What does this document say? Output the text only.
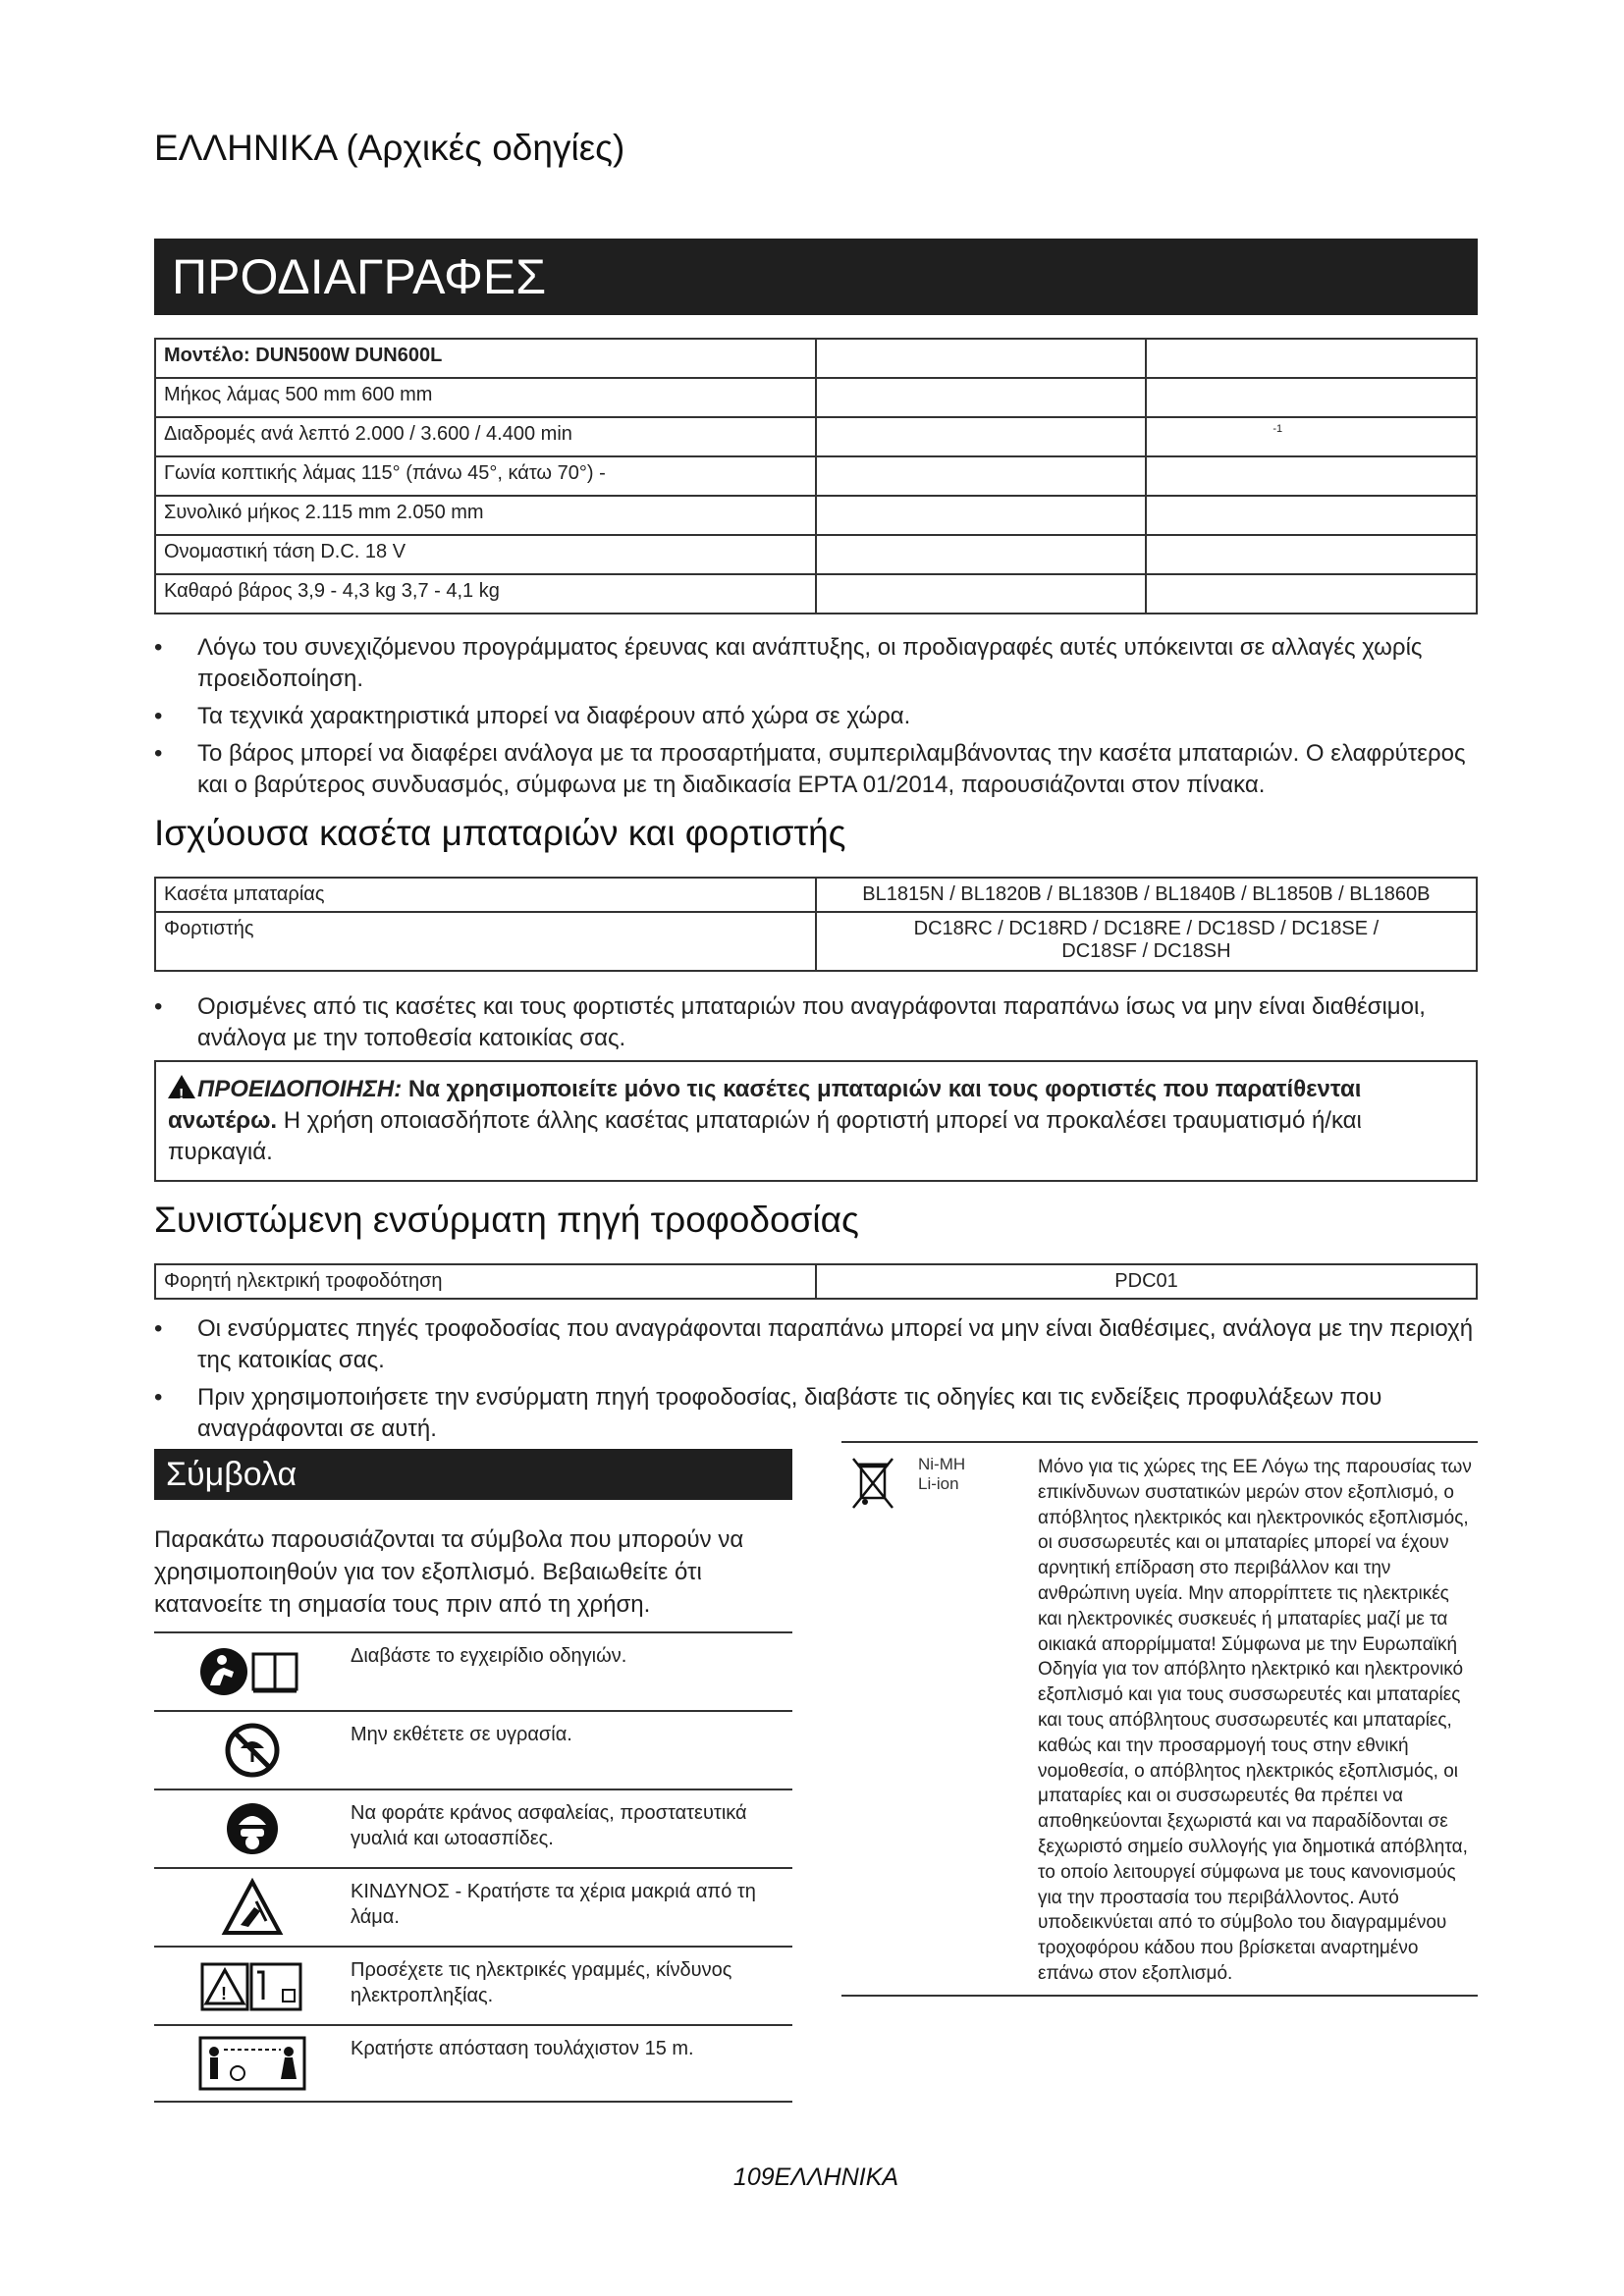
ΕΛΛΗΝΙΚΑ (Αρχικές οδηγίες)
ΠΡΟΔΙΑΓΡΑΦΕΣ
Μοντέλο: DUN500W DUN600L		
Μήκος λάμας 500 mm 600 mm		
Διαδρομές ανά λεπτό 2.000 / 3.600 / 4.400 min		-1
Γωνία κοπτικής λάμας 115° (πάνω 45°, κάτω 70°) -		
Συνολικό μήκος 2.115 mm 2.050 mm		
Ονομαστική τάση D.C. 18 V		
Καθαρό βάρος 3,9 - 4,3 kg 3,7 - 4,1 kg		
• Λόγω του συνεχιζόμενου προγράμματος έρευνας και ανάπτυξης, οι προδιαγραφές αυτές υπόκεινται σε αλλαγές χωρίς προειδοποίηση.
• Τα τεχνικά χαρακτηριστικά μπορεί να διαφέρουν από χώρα σε χώρα.
• Το βάρος μπορεί να διαφέρει ανάλογα με τα προσαρτήματα, συμπεριλαμβάνοντας την κασέτα μπαταριών. Ο ελαφρύτερος και ο βαρύτερος συνδυασμός, σύμφωνα με τη διαδικασία EPTA 01/2014, παρουσιάζονται στον πίνακα.
Ισχύουσα κασέτα μπαταριών και φορτιστής
Κασέτα μπαταρίας	BL1815N / BL1820B / BL1830B / BL1840B / BL1850B / BL1860B
Φορτιστής	DC18RC / DC18RD / DC18RE / DC18SD / DC18SE / DC18SF / DC18SH
• Ορισμένες από τις κασέτες και τους φορτιστές μπαταριών που αναγράφονται παραπάνω ίσως να μην είναι διαθέσιμοι, ανάλογα με την τοποθεσία κατοικίας σας.
! ΠΡΟΕΙΔΟΠΟΙΗΣΗ: Να χρησιμοποιείτε μόνο τις κασέτες μπαταριών και τους φορτιστές που παρατίθενται ανωτέρω. Η χρήση οποιασδήποτε άλλης κασέτας μπαταριών ή φορτιστή μπορεί να προκαλέσει τραυματισμό ή/και πυρκαγιά.
Συνιστώμενη ενσύρματη πηγή τροφοδοσίας
Φορητή ηλεκτρική τροφοδότηση	PDC01
• Οι ενσύρματες πηγές τροφοδοσίας που αναγράφονται παραπάνω μπορεί να μην είναι διαθέσιμες, ανάλογα με την περιοχή της κατοικίας σας.
• Πριν χρησιμοποιήσετε την ενσύρματη πηγή τροφοδοσίας, διαβάστε τις οδηγίες και τις ενδείξεις προφυλάξεων που αναγράφονται σε αυτή.
Σύμβολα
Παρακάτω παρουσιάζονται τα σύμβολα που μπορούν να χρησιμοποιηθούν για τον εξοπλισμό. Βεβαιωθείτε ότι κατανοείτε τη σημασία τους πριν από τη χρήση.
Διαβάστε το εγχειρίδιο οδηγιών.
Μην εκθέτετε σε υγρασία.
Να φοράτε κράνος ασφαλείας, προστατευτικά γυαλιά και ωτοασπίδες.
ΚΙΝΔΥΝΟΣ - Κρατήστε τα χέρια μακριά από τη λάμα.
!
Προσέχετε τις ηλεκτρικές γραμμές, κίνδυνος ηλεκτροπληξίας.
Κρατήστε απόσταση τουλάχιστον 15 m.
Ni-MH
Li-ion
Μόνο για τις χώρες της ΕΕ Λόγω της παρουσίας των επικίνδυνων συστατικών μερών στον εξοπλισμό, ο απόβλητος ηλεκτρικός και ηλεκτρονικός εξοπλισμός, οι συσσωρευτές και οι μπαταρίες μπορεί να έχουν αρνητική επίδραση στο περιβάλλον και την ανθρώπινη υγεία. Μην απορρίπτετε τις ηλεκτρικές και ηλεκτρονικές συσκευές ή μπαταρίες μαζί με τα οικιακά απορρίμματα! Σύμφωνα με την Ευρωπαϊκή Οδηγία για τον απόβλητο ηλεκτρικό και ηλεκτρονικό εξοπλισμό και για τους συσσωρευτές και μπαταρίες και τους απόβλητους συσσωρευτές και μπαταρίες, καθώς και την προσαρμογή τους στην εθνική νομοθεσία, ο απόβλητος ηλεκτρικός εξοπλισμός, οι μπαταρίες και οι συσσωρευτές θα πρέπει να αποθηκεύονται ξεχωριστά και να παραδίδονται σε ξεχωριστό σημείο συλλογής για δημοτικά απόβλητα, το οποίο λειτουργεί σύμφωνα με τους κανονισμούς για την προστασία του περιβάλλοντος. Αυτό υποδεικνύεται από το σύμβολο του διαγραμμένου τροχοφόρου κάδου που βρίσκεται αναρτημένο επάνω στον εξοπλισμό.
109ΕΛΛΗΝΙΚΑ
